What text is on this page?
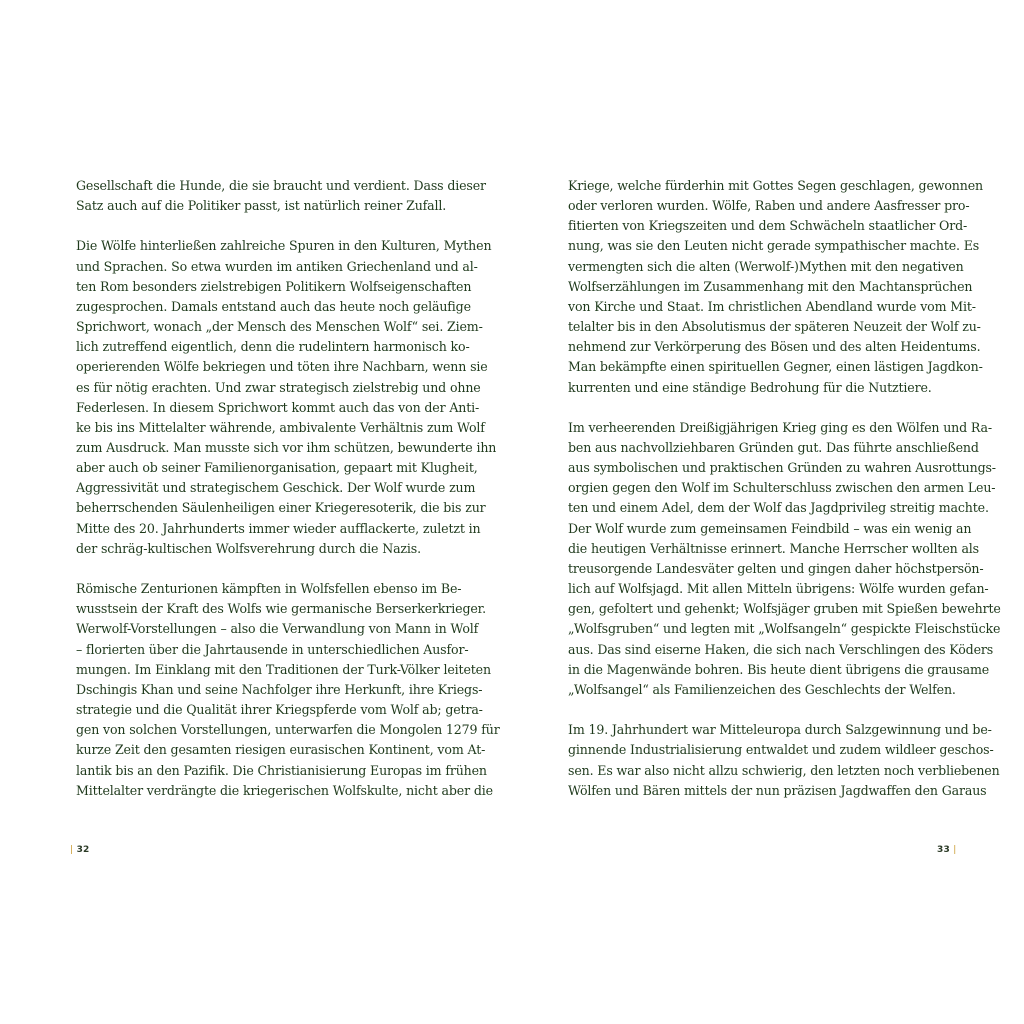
Gesellschaft die Hunde, die sie braucht und verdient. Dass dieser
Satz auch auf die Politiker passt, ist natürlich reiner Zufall.

Die Wölfe hinterließen zahlreiche Spuren in den Kulturen, Mythen
und Sprachen. So etwa wurden im antiken Griechenland und al-
ten Rom besonders zielstrebigen Politikern Wolfseigenschaften
zugesprochen. Damals entstand auch das heute noch geläufige
Sprichwort, wonach „der Mensch des Menschen Wolf“ sei. Ziem-
lich zutreffend eigentlich, denn die rudelintern harmonisch ko-
operierenden Wölfe bekriegen und töten ihre Nachbarn, wenn sie
es für nötig erachten. Und zwar strategisch zielstrebig und ohne
Federlesen. In diesem Sprichwort kommt auch das von der Anti-
ke bis ins Mittelalter währende, ambivalente Verhältnis zum Wolf
zum Ausdruck. Man musste sich vor ihm schützen, bewunderte ihn
aber auch ob seiner Familienorganisation, gepaart mit Klugheit,
Aggressivität und strategischem Geschick. Der Wolf wurde zum
beherrschenden Säulenheiligen einer Kriegeresoterik, die bis zur
Mitte des 20. Jahrhunderts immer wieder aufflackerte, zuletzt in
der schräg-kultischen Wolfsverehrung durch die Nazis.

Römische Zenturionen kämpften in Wolfsfellen ebenso im Be-
wusstsein der Kraft des Wolfs wie germanische Berserkerkrieger.
Werwolf-Vorstellungen – also die Verwandlung von Mann in Wolf
– florierten über die Jahrtausende in unterschiedlichen Ausfor-
mungen. Im Einklang mit den Traditionen der Turk-Völker leiteten
Dschingis Khan und seine Nachfolger ihre Herkunft, ihre Kriegs-
strategie und die Qualität ihrer Kriegspferde vom Wolf ab; getra-
gen von solchen Vorstellungen, unterwarfen die Mongolen 1279 für
kurze Zeit den gesamten riesigen eurasischen Kontinent, vom At-
lantik bis an den Pazifik. Die Christianisierung Europas im frühen
Mittelalter verdrängte die kriegerischen Wolfskulte, nicht aber die

Kriege, welche fürderhin mit Gottes Segen geschlagen, gewonnen
oder verloren wurden. Wölfe, Raben und andere Aasfresser pro-
fitierten von Kriegszeiten und dem Schwächeln staatlicher Ord-
nung, was sie den Leuten nicht gerade sympathischer machte. Es
vermengten sich die alten (Werwolf-)Mythen mit den negativen
Wolfserzählungen im Zusammenhang mit den Machtansprüchen
von Kirche und Staat. Im christlichen Abendland wurde vom Mit-
telalter bis in den Absolutismus der späteren Neuzeit der Wolf zu-
nehmend zur Verkörperung des Bösen und des alten Heidentums.
Man bekämpfte einen spirituellen Gegner, einen lästigen Jagdkon-
kurrenten und eine ständige Bedrohung für die Nutztiere.

Im verheerenden Dreißigjährigen Krieg ging es den Wölfen und Ra-
ben aus nachvollziehbaren Gründen gut. Das führte anschließend
aus symbolischen und praktischen Gründen zu wahren Ausrottungs-
orgien gegen den Wolf im Schulterschluss zwischen den armen Leu-
ten und einem Adel, dem der Wolf das Jagdprivileg streitig machte.
Der Wolf wurde zum gemeinsamen Feindbild – was ein wenig an
die heutigen Verhältnisse erinnert. Manche Herrscher wollten als
treusorgende Landesväter gelten und gingen daher höchstpersön-
lich auf Wolfsjagd. Mit allen Mitteln übrigens: Wölfe wurden gefan-
gen, gefoltert und gehenkt; Wolfsjäger gruben mit Spießen bewehrte
„Wolfsgruben“ und legten mit „Wolfsangeln“ gespickte Fleischstücke
aus. Das sind eiserne Haken, die sich nach Verschlingen des Köders
in die Magenwände bohren. Bis heute dient übrigens die grausame
„Wolfsangel“ als Familienzeichen des Geschlechts der Welfen.

Im 19. Jahrhundert war Mitteleuropa durch Salzgewinnung und be-
ginnende Industrialisierung entwaldet und zudem wildleer geschos-
sen. Es war also nicht allzu schwierig, den letzten noch verbliebenen
Wölfen und Bären mittels der nun präzisen Jagdwaffen den Garaus

| 32	33 |
